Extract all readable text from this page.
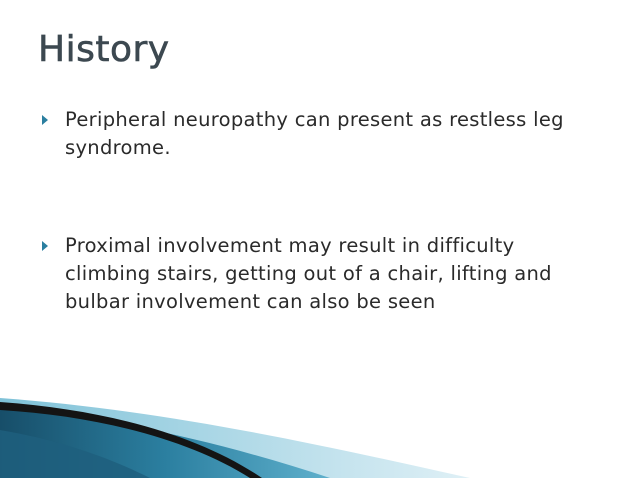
History
Peripheral neuropathy can present as restless leg syndrome.
Proximal involvement may result in difficulty climbing stairs, getting out of a chair, lifting and bulbar involvement can also be seen
